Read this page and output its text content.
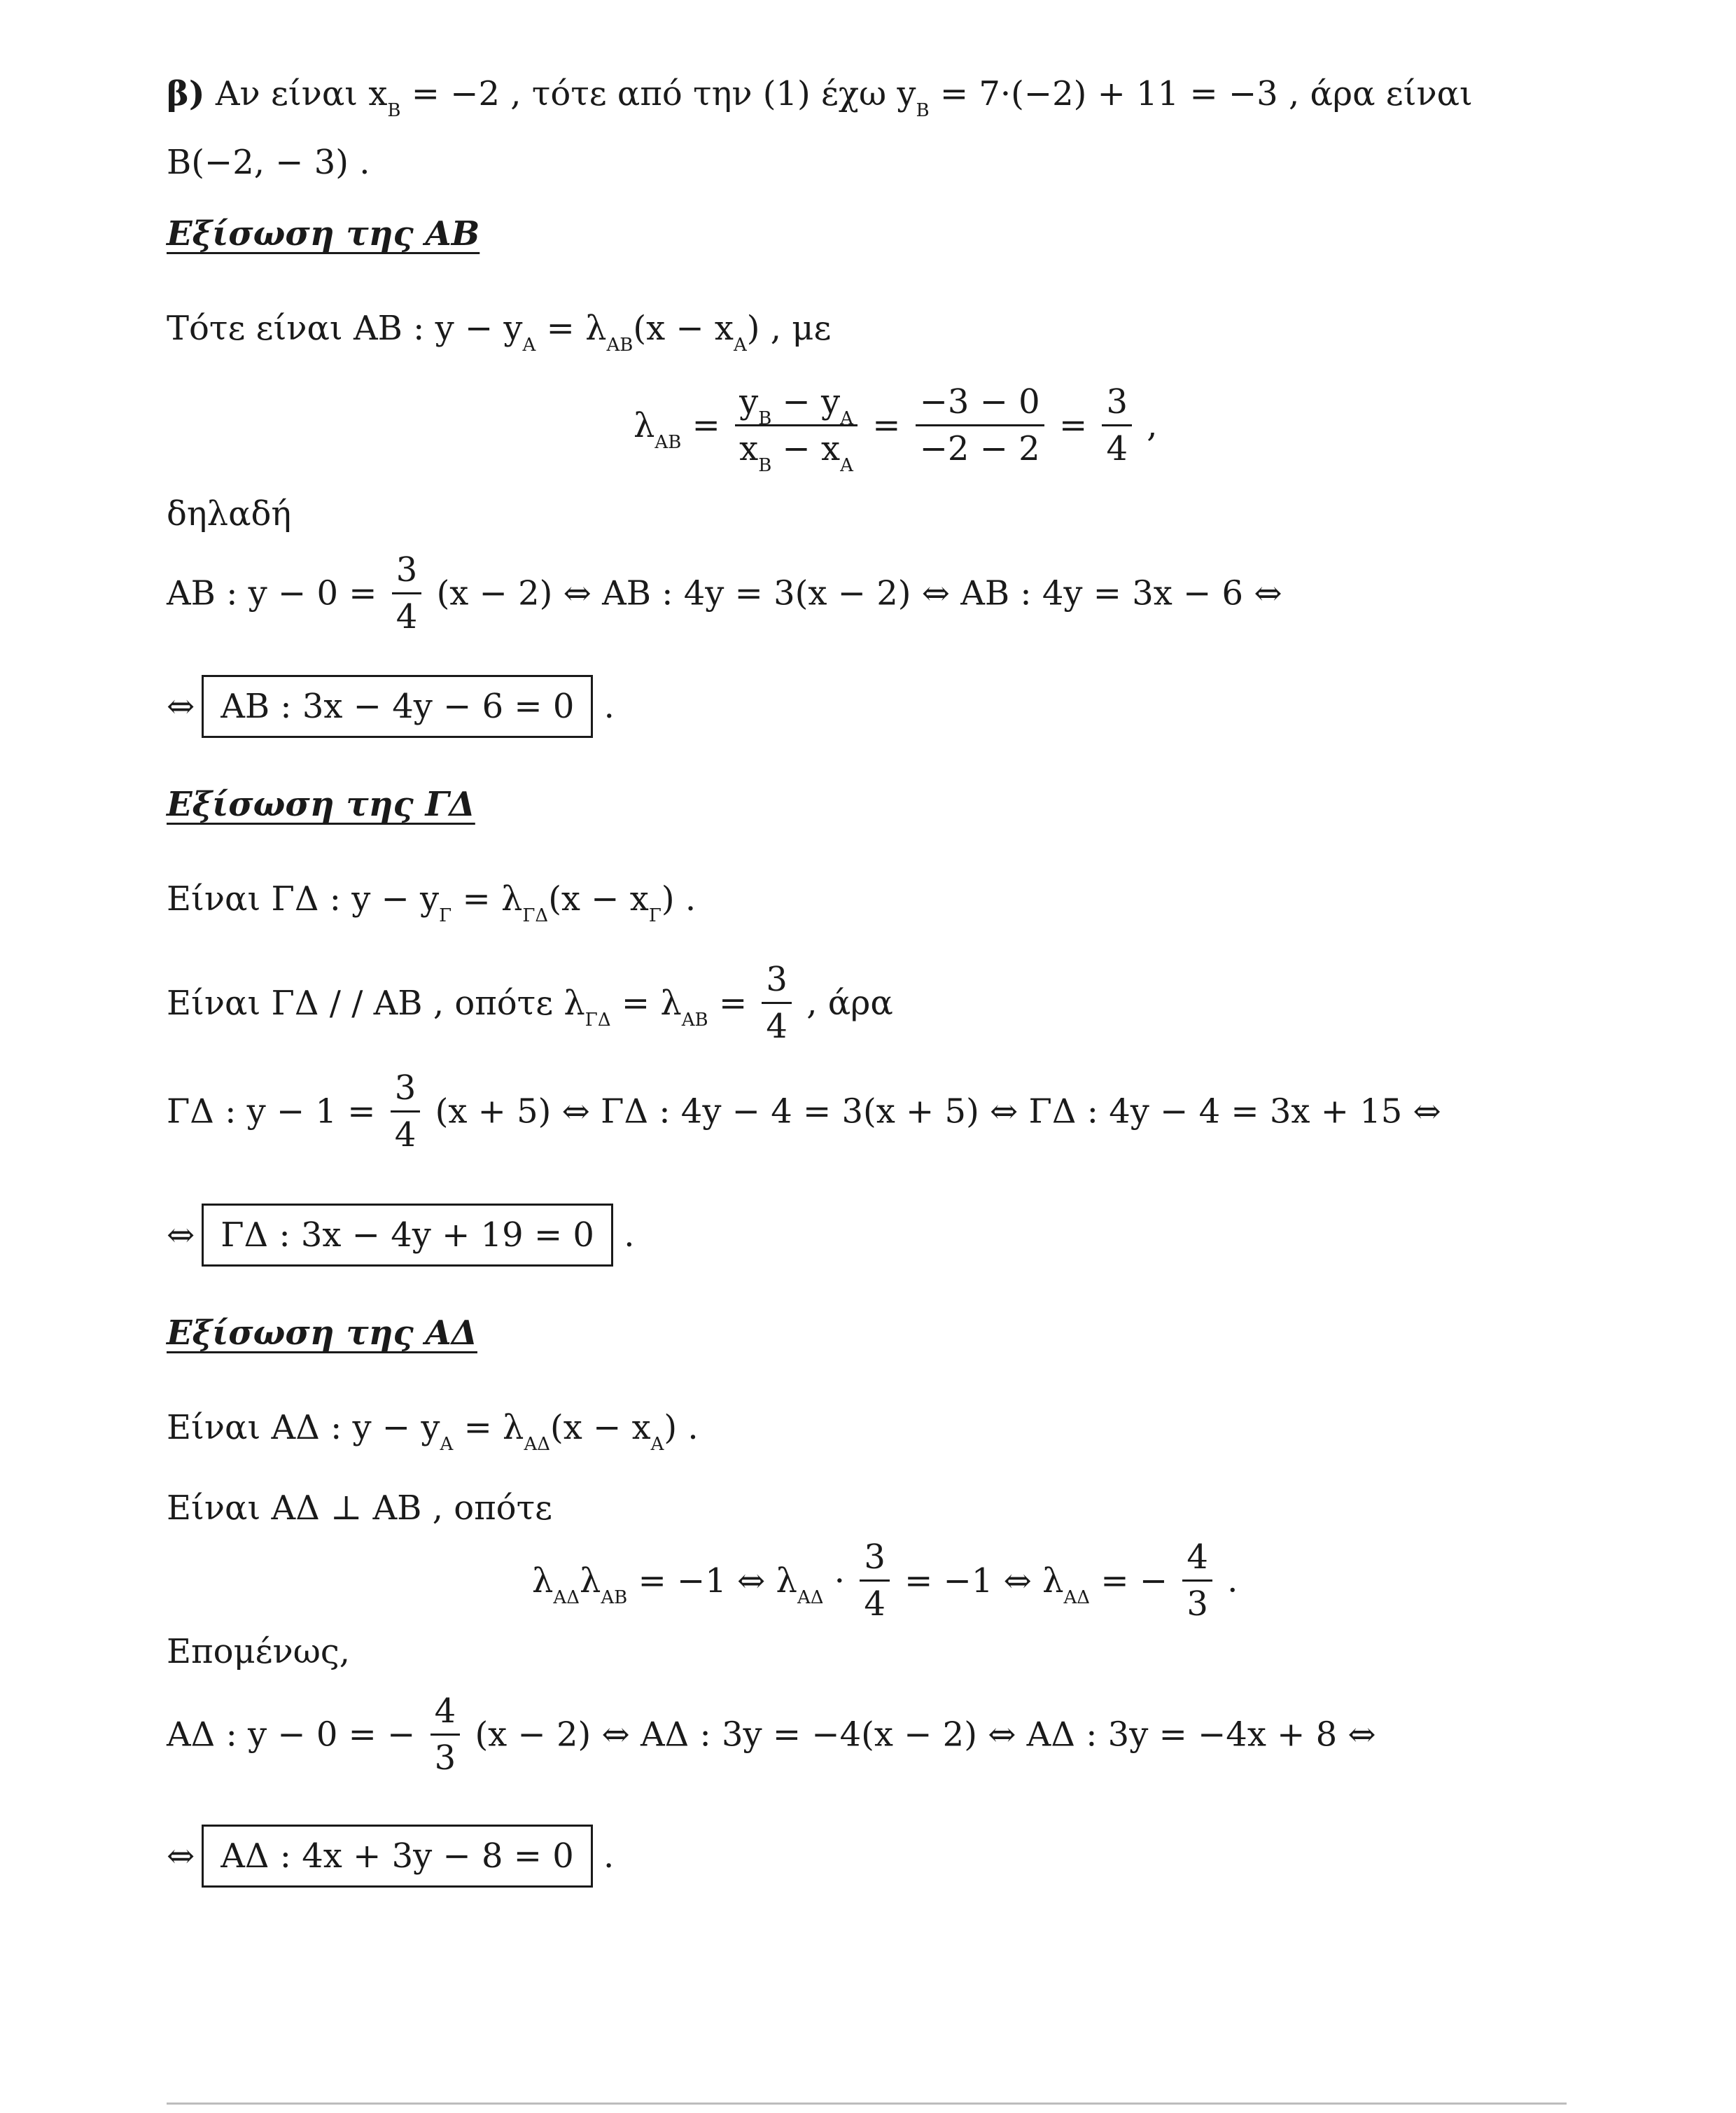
β) Αν είναι $x_B = -2$ , τότε από την (1) έχω $y_B = 7\cdot(-2) + 11 = -3$ , άρα είναι
B(−2, − 3) .
Εξίσωση της ΑΒ
Τότε είναι ΑΒ : $y - y_A = \lambda_{AB}(x - x_A)$ , με
$\lambda_{AB} = \frac{y_B - y_A}{x_B - x_A} = \frac{-3 - 0}{-2 - 2} = \frac{3}{4}$ ,
δηλαδή
ΑΒ : $y - 0 = \frac{3}{4} (x - 2)$ ⇔ ΑΒ : 4y = 3(x − 2) ⇔ ΑΒ : 4y = 3x − 6 ⇔
⇔ ΑΒ : 3x − 4y − 6 = 0 .
Εξίσωση της ΓΔ
Είναι ΓΔ : $y - y_\Gamma = \lambda_{\Gamma\Delta}(x - x_\Gamma)$ .
Είναι ΓΔ / / ΑΒ , οπότε $\lambda_{\Gamma\Delta} = \lambda_{AB} = \frac{3}{4}$ , άρα
ΓΔ : $y - 1 = \frac{3}{4} (x + 5)$ ⇔ ΓΔ : 4y − 4 = 3(x + 5) ⇔ ΓΔ : 4y − 4 = 3x + 15 ⇔
⇔ ΓΔ : 3x − 4y + 19 = 0 .
Εξίσωση της ΑΔ
Είναι ΑΔ : $y - y_A = \lambda_{A\Delta}(x - x_A)$ .
Είναι ΑΔ ⊥ ΑΒ , οπότε
$\lambda_{A\Delta}\lambda_{AB} = -1$ ⇔ $\lambda_{A\Delta} \cdot \frac{3}{4} = -1$ ⇔ $\lambda_{A\Delta}$ = − $\frac{4}{3}$ .
Επομένως,
ΑΔ : y − 0 = − $\frac{4}{3} (x - 2)$ ⇔ ΑΔ : 3y = −4(x − 2) ⇔ ΑΔ : 3y = −4x + 8 ⇔
⇔ ΑΔ : 4x + 3y − 8 = 0 .
